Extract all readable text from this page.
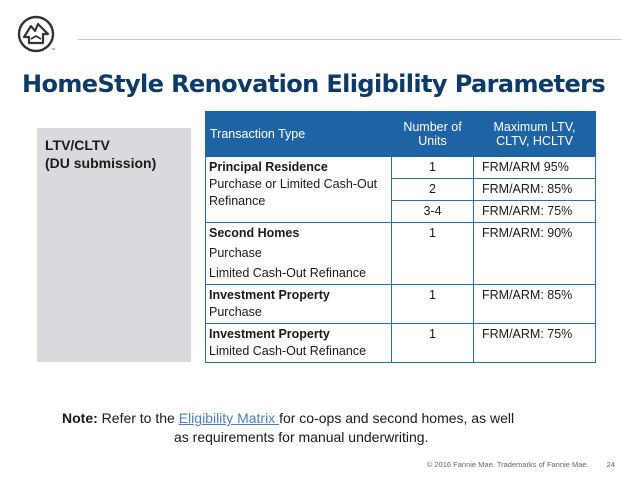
™
HomeStyle Renovation Eligibility Parameters
LTV/CLTV
(DU submission)
Transaction Type	Number of Units	Maximum LTV, CLTV, HCLTV

Principal Residence
Purchase or Limited Cash-Out Refinance	1	FRM/ARM 95%
	2	FRM/ARM: 85%
	3-4	FRM/ARM: 75%

Second Homes
Purchase
Limited Cash-Out Refinance	1	FRM/ARM: 90%

Investment Property
Purchase	1	FRM/ARM: 85%

Investment Property
Limited Cash-Out Refinance	1	FRM/ARM: 75%
Note: Refer to the Eligibility Matrix for co-ops and second homes, as well
as requirements for manual underwriting.
© 2016 Fannie Mae. Trademarks of Fannie Mae. 24
